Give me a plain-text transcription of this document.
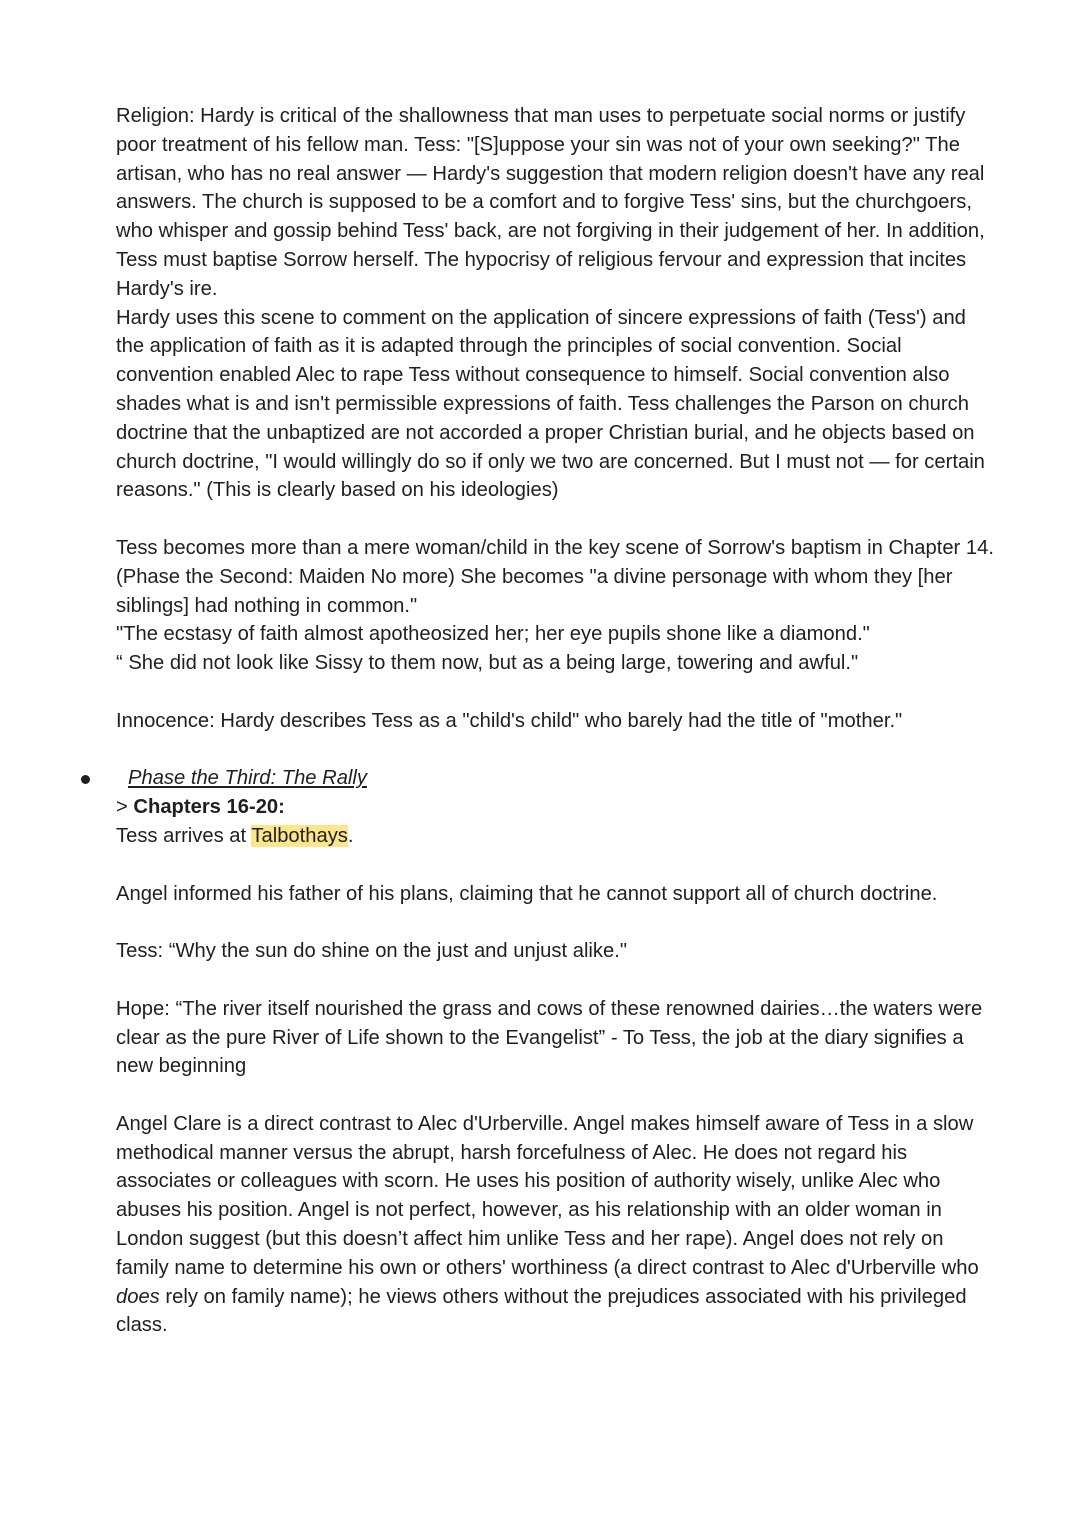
Religion: Hardy is critical of the shallowness that man uses to perpetuate social norms or justify poor treatment of his fellow man. Tess: "[S]uppose your sin was not of your own seeking?" The artisan, who has no real answer — Hardy's suggestion that modern religion doesn't have any real answers. The church is supposed to be a comfort and to forgive Tess' sins, but the churchgoers, who whisper and gossip behind Tess' back, are not forgiving in their judgement of her. In addition, Tess must baptise Sorrow herself. The hypocrisy of religious fervour and expression that incites Hardy's ire.

Hardy uses this scene to comment on the application of sincere expressions of faith (Tess') and the application of faith as it is adapted through the principles of social convention. Social convention enabled Alec to rape Tess without consequence to himself. Social convention also shades what is and isn't permissible expressions of faith. Tess challenges the Parson on church doctrine that the unbaptized are not accorded a proper Christian burial, and he objects based on church doctrine, "I would willingly do so if only we two are concerned. But I must not — for certain reasons." (This is clearly based on his ideologies)

Tess becomes more than a mere woman/child in the key scene of Sorrow's baptism in Chapter 14. (Phase the Second: Maiden No more) She becomes "a divine personage with whom they [her siblings] had nothing in common."

"The ecstasy of faith almost apotheosized her; her eye pupils shone like a diamond."

“ She did not look like Sissy to them now, but as a being large, towering and awful."

Innocence: Hardy describes Tess as a "child's child" who barely had the title of "mother."

Phase the Third: The Rally

> Chapters 16-20:

Tess arrives at Talbothays.

Angel informed his father of his plans, claiming that he cannot support all of church doctrine.

Tess: “Why the sun do shine on the just and unjust alike."

Hope: “The river itself nourished the grass and cows of these renowned dairies…the waters were clear as the pure River of Life shown to the Evangelist” - To Tess, the job at the diary signifies a new beginning

Angel Clare is a direct contrast to Alec d'Urberville. Angel makes himself aware of Tess in a slow methodical manner versus the abrupt, harsh forcefulness of Alec. He does not regard his associates or colleagues with scorn. He uses his position of authority wisely, unlike Alec who abuses his position. Angel is not perfect, however, as his relationship with an older woman in London suggest (but this doesn’t affect him unlike Tess and her rape). Angel does not rely on family name to determine his own or others' worthiness (a direct contrast to Alec d'Urberville who does rely on family name); he views others without the prejudices associated with his privileged class.
